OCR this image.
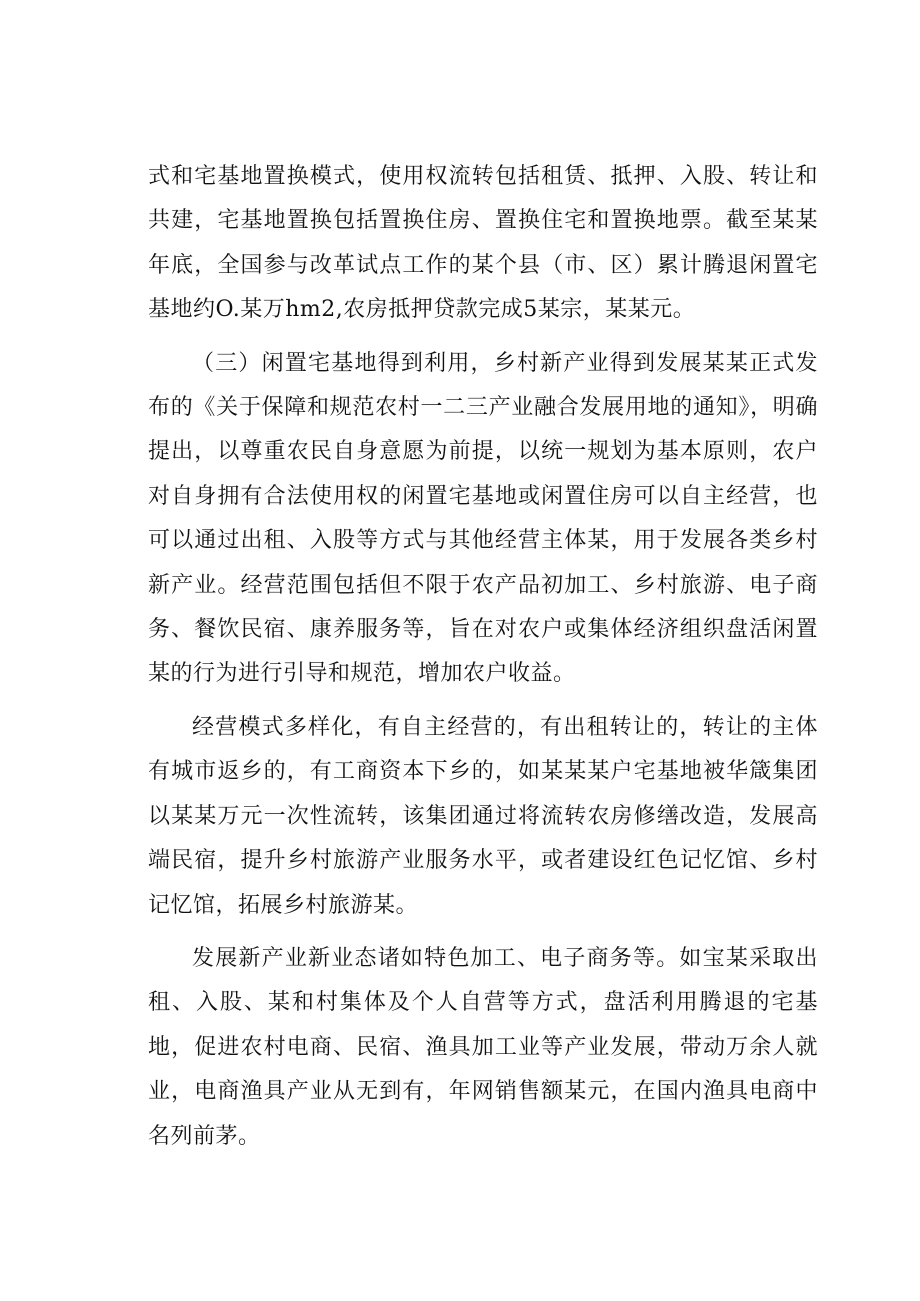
式和宅基地置换模式，使用权流转包括租赁、抵押、入股、转让和共建，宅基地置换包括置换住房、置换住宅和置换地票。截至某某年底，全国参与改革试点工作的某个县（市、区）累计腾退闲置宅基地约O.某万hm2,农房抵押贷款完成5某宗，某某元。

（三）闲置宅基地得到利用，乡村新产业得到发展某某正式发布的《关于保障和规范农村一二三产业融合发展用地的通知》，明确提出，以尊重农民自身意愿为前提，以统一规划为基本原则，农户对自身拥有合法使用权的闲置宅基地或闲置住房可以自主经营，也可以通过出租、入股等方式与其他经营主体某，用于发展各类乡村新产业。经营范围包括但不限于农产品初加工、乡村旅游、电子商务、餐饮民宿、康养服务等，旨在对农户或集体经济组织盘活闲置某的行为进行引导和规范，增加农户收益。

经营模式多样化，有自主经营的，有出租转让的，转让的主体有城市返乡的，有工商资本下乡的，如某某某户宅基地被华箴集团以某某万元一次性流转，该集团通过将流转农房修缮改造，发展高端民宿，提升乡村旅游产业服务水平，或者建设红色记忆馆、乡村记忆馆，拓展乡村旅游某。

发展新产业新业态诸如特色加工、电子商务等。如宝某采取出租、入股、某和村集体及个人自营等方式，盘活利用腾退的宅基地，促进农村电商、民宿、渔具加工业等产业发展，带动万余人就业，电商渔具产业从无到有，年网销售额某元，在国内渔具电商中名列前茅。
